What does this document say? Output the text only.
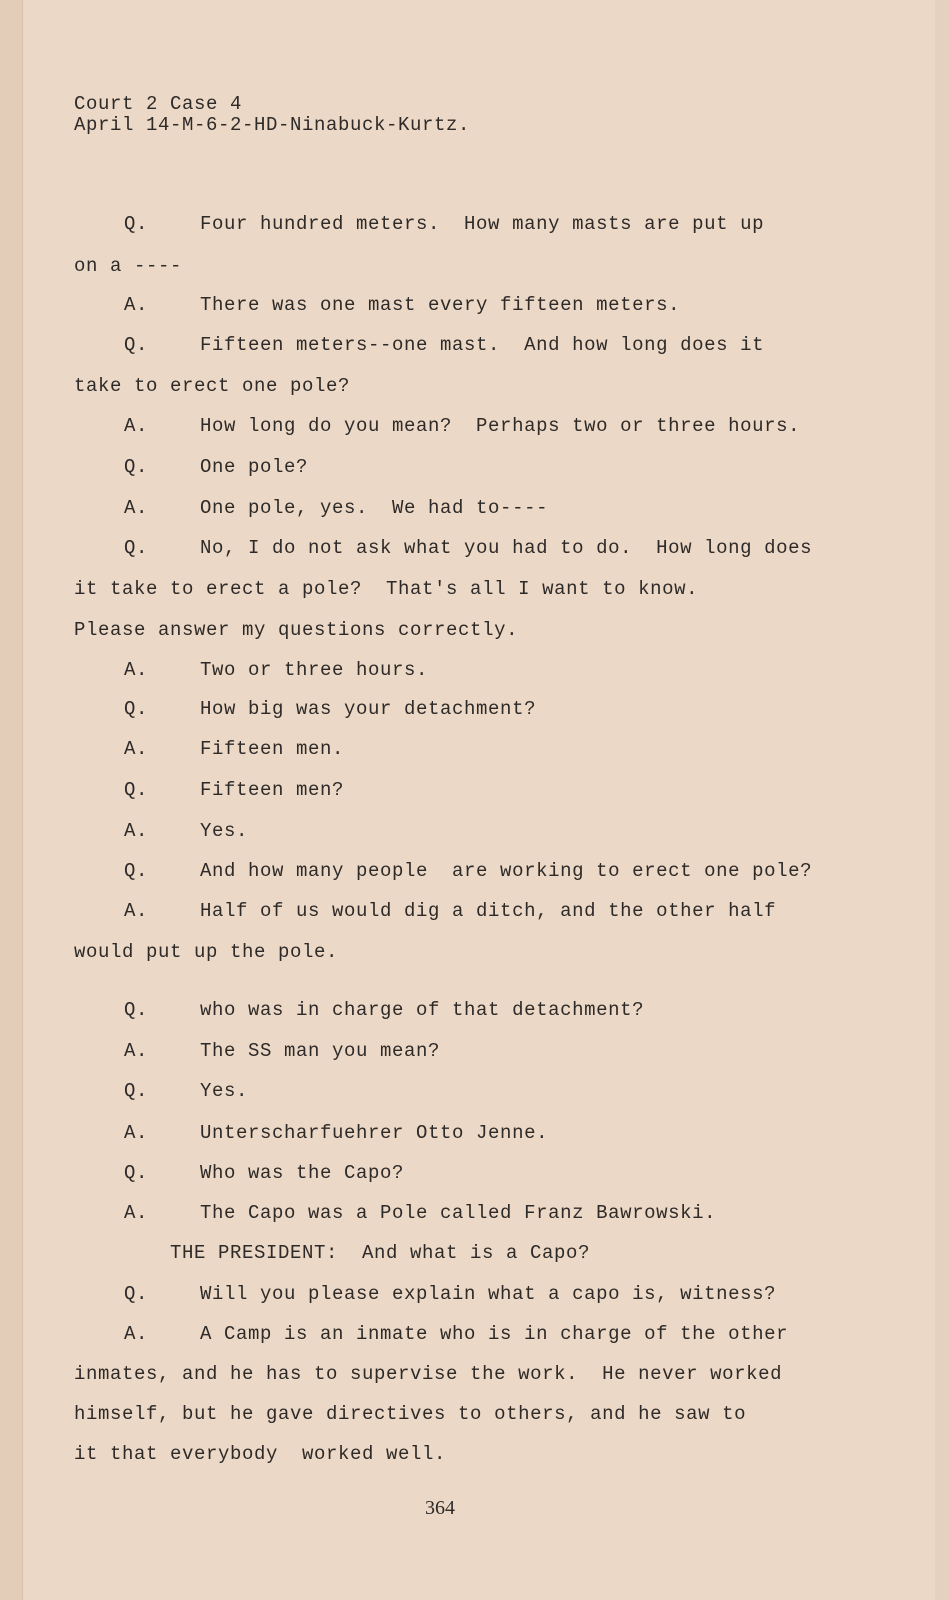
Court 2 Case 4
April 14-M-6-2-HD-Ninabuck-Kurtz.
Q.	Four hundred meters.  How many masts are put up
on a ----
A.	There was one mast every fifteen meters.
Q.	Fifteen meters--one mast.  And how long does it
take to erect one pole?
A.	How long do you mean?  Perhaps two or three hours.
Q.	One pole?
A.	One pole, yes.  We had to----
Q.	No, I do not ask what you had to do.  How long does
it take to erect a pole?  That's all I want to know.
Please answer my questions correctly.
A.	Two or three hours.
Q.	How big was your detachment?
A.	Fifteen men.
Q.	Fifteen men?
A.	Yes.
Q.	And how many people  are working to erect one pole?
A.	Half of us would dig a ditch, and the other half
would put up the pole.
Q.	who was in charge of that detachment?
A.	The SS man you mean?
Q.	Yes.
A.	Unterscharfuehrer Otto Jenne.
Q.	Who was the Capo?
A.	The Capo was a Pole called Franz Bawrowski.
THE PRESIDENT:  And what is a Capo?
Q.	Will you please explain what a capo is, witness?
A.	A Camp is an inmate who is in charge of the other
inmates, and he has to supervise the work.  He never worked
himself, but he gave directives to others, and he saw to
it that everybody  worked well.
364
